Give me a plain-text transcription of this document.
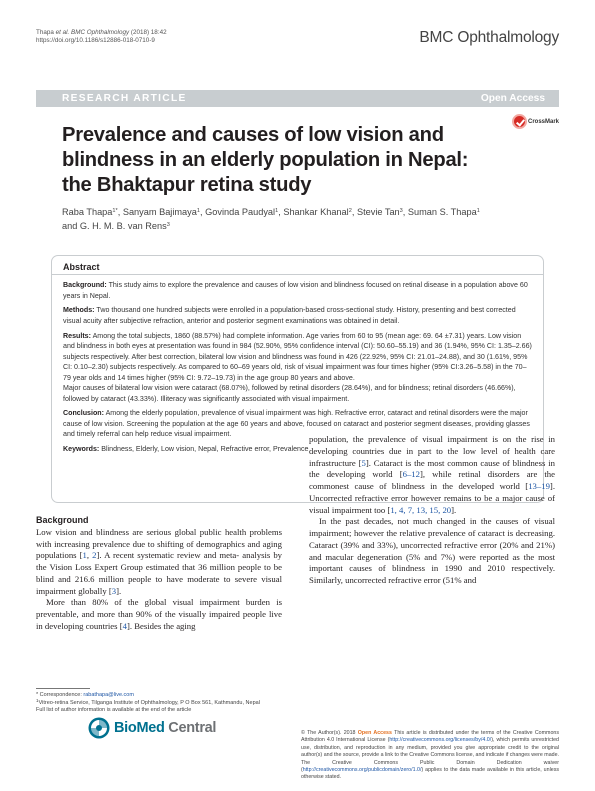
Thapa et al. BMC Ophthalmology (2018) 18:42
https://doi.org/10.1186/s12886-018-0710-9	BMC Ophthalmology
RESEARCH ARTICLE	Open Access
Prevalence and causes of low vision and
blindness in an elderly population in Nepal:
the Bhaktapur retina study
CrossMark
Raba Thapa$^{1*}$, Sanyam Bajimaya$^1$, Govinda Paudyal$^1$, Shankar Khanal$^2$, Stevie Tan$^3$, Suman S. Thapa$^1$
and G. H. M. B. van Rens$^3$
Abstract

Background: This study aims to explore the prevalence and causes of low vision and blindness focused on retinal disease in a population above 60 years in Nepal.

Methods: Two thousand one hundred subjects were enrolled in a population-based cross-sectional study. History, presenting and best corrected visual acuity after subjective refraction, anterior and posterior segment examinations was obtained in detail.

Results: Among the total subjects, 1860 (88.57%) had complete information. Age varies from 60 to 95 (mean age: 69. 64 ±7.31) years. Low vision and blindness in both eyes at presentation was found in 984 (52.90%, 95% confidence interval (CI): 50.60–55.19) and 36 (1.94%, 95% CI: 1.35–2.66) subjects respectively. After best correction, bilateral low vision and blindness was found in 426 (22.92%, 95% CI: 21.01–24.88), and 30 (1.61%, 95% CI: 0.10–2.30) subjects respectively. As compared to 60–69 years old, risk of visual impairment was four times higher (95% CI:3.26–5.58) in the 70–79 year olds and 14 times higher (95% CI: 9.72–19.73) in the age group 80 years and above.

Major causes of bilateral low vision were cataract (68.07%), followed by retinal disorders (28.64%), and for blindness; retinal disorders (46.66%), followed by cataract (43.33%). Illiteracy was significantly associated with visual impairment.

Conclusion: Among the elderly population, prevalence of visual impairment was high. Refractive error, cataract and retinal disorders were the major cause of low vision. Screening the population at the age 60 years and above, focused on cataract and posterior segment diseases, providing glasses and timely referral can help reduce visual impairment.

Keywords: Blindness, Elderly, Low vision, Nepal, Refractive error, Prevalence

Background

Low vision and blindness are serious global public health problems with increasing prevalence due to shifting of demographics and aging populations [1, 2]. A recent systematic review and meta- analysis by the Vision Loss Expert Group estimated that 36 million people to be blind and 216.6 million people to have moderate to severe visual impairment globally [3].

More than 80% of the global visual impairment burden is preventable, and more than 90% of the visually impaired people live in developing countries [4]. Besides the aging

population, the prevalence of visual impairment is on the rise in developing countries due in part to the low level of health care infrastructure [5]. Cataract is the most common cause of blindness in the developing world [6–12], while retinal disorders are the commonest cause of blindness in the developed world [13–19]. Uncorrected refractive error however remains to be a major cause of visual impairment too [1, 4, 7, 13, 15, 20].

In the past decades, not much changed in the causes of visual impairment; however the relative prevalence of cataract is decreasing. Cataract (39% and 33%), uncorrected refractive error (20% and 21%) and macular degeneration (5% and 7%) were reported as the most important causes of blindness in 1990 and 2010 respectively. Similarly, uncorrected refractive error (51% and

* Correspondence: rabathapa@live.com
$^1$Vitreo-retina Service, Tilganga Institute of Ophthalmology, P O Box 561, Kathmandu, Nepal
Full list of author information is available at the end of the article
BioMed Central	© The Author(s). 2018 Open Access This article is distributed under the terms of the Creative Commons Attribution 4.0 International License (http://creativecommons.org/licenses/by/4.0/), which permits unrestricted use, distribution, and reproduction in any medium, provided you give appropriate credit to the original author(s) and the source, provide a link to the Creative Commons license, and indicate if changes were made. The Creative Commons Public Domain Dedication waiver (http://creativecommons.org/publicdomain/zero/1.0/) applies to the data made available in this article, unless otherwise stated.
